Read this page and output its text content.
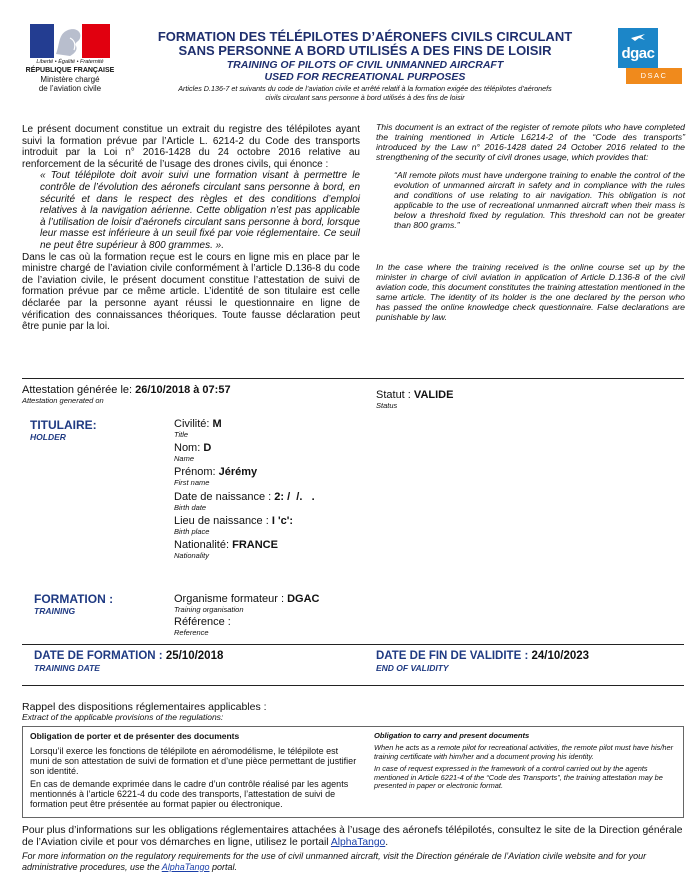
Liberté • Égalité • Fraternité
RÉPUBLIQUE FRANÇAISE
Ministère chargé
de l’aviation civile
FORMATION DES TÉLÉPILOTES D’AÉRONEFS CIVILS CIRCULANT
SANS PERSONNE A BORD UTILISÉS A DES FINS DE LOISIR
TRAINING OF PILOTS OF CIVIL UNMANNED AIRCRAFT
USED FOR RECREATIONAL PURPOSES
Articles D.136-7 et suivants du code de l’aviation civile et arrêté relatif à la formation exigée des télépilotes d’aéronefs
civils circulant sans personne à bord utilisés à des fins de loisir
dgac
DSAC

Le présent document constitue un extrait du registre des télépilotes ayant suivi la formation prévue par l’Article L. 6214-2 du Code des transports introduit par la Loi n° 2016-1428 du 24 octobre 2016 relative au renforcement de la sécurité de l’usage des drones civils, qui énonce :

« Tout télépilote doit avoir suivi une formation visant à permettre le contrôle de l’évolution des aéronefs circulant sans personne à bord, en sécurité et dans le respect des règles et des conditions d’emploi relatives à la navigation aérienne. Cette obligation n’est pas applicable à l’utilisation de loisir d’aéronefs circulant sans personne à bord, lorsque leur masse est inférieure à un seuil fixé par voie réglementaire. Ce seuil ne peut être supérieur à 800 grammes. ».

Dans le cas où la formation reçue est le cours en ligne mis en place par le ministre chargé de l’aviation civile conformément à l’article D.136-8 du code de l’aviation civile, le présent document constitue l’attestation de suivi de formation prévue par ce même article. L’identité de son titulaire est celle déclarée par la personne ayant réussi le questionnaire en ligne de vérification des connaissances théoriques. Toute fausse déclaration peut être punie par la loi.

This document is an extract of the register of remote pilots who have completed the training mentioned in Article L6214-2 of the “Code des transports” introduced by the Law n° 2016-1428 dated 24 October 2016 related to the strengthening of the security of civil drones usage, which provides that:

“All remote pilots must have undergone training to enable the control of the evolution of unmanned aircraft in safety and in compliance with the rules and conditions of use relating to air navigation. This obligation is not applicable to the use of recreational unmanned aircraft when their mass is below a threshold fixed by regulation. This threshold can not be greater than 800 grams.”

In the case where the training received is the online course set up by the minister in charge of civil aviation in application of Article D.136-8 of the civil aviation code, this document constitutes the training attestation mentioned in the same article. The identity of its holder is the one declared by the person who has passed the online knowledge check questionnaire. False declarations are punishable by law.

Attestation générée le: 26/10/2018 à 07:57
Attestation generated on	Statut : VALIDE
Status
TITULAIRE:
HOLDER
Civilité: M
Title
Nom: D
Name
Prénom: Jérémy
First name
Date de naissance : 2: /  /.   .
Birth date
Lieu de naissance : I 'c':
Birth place
Nationalité: FRANCE
Nationality
FORMATION :
TRAINING
Organisme formateur : DGAC
Training organisation
Référence :
Reference
DATE DE FORMATION : 25/10/2018
TRAINING DATE
DATE DE FIN DE VALIDITE : 24/10/2023
END OF VALIDITY
Rappel des dispositions réglementaires applicables :
Extract of the applicable provisions of the regulations:
Obligation de porter et de présenter des documents

Lorsqu’il exerce les fonctions de télépilote en aéromodélisme, le télépilote est muni de son attestation de suivi de formation et d’une pièce permettant de justifier son identité.

En cas de demande exprimée dans le cadre d’un contrôle réalisé par les agents mentionnés à l’article 6221-4 du code des transports, l’attestation de suivi de formation peut être présentée au format papier ou électronique.

Obligation to carry and present documents

When he acts as a remote pilot for recreational activities, the remote pilot must have his/her training certificate with him/her and a document proving his identity.

In case of request expressed in the framework of a control carried out by the agents mentioned in Article 6221-4 of the “Code des Transports”, the training attestation may be presented in paper or electronic format.

Pour plus d’informations sur les obligations réglementaires attachées à l’usage des aéronefs télépilotés, consultez le site de la Direction générale de l’Aviation civile et pour vos démarches en ligne, utilisez le portail AlphaTango.
For more information on the regulatory requirements for the use of civil unmanned aircraft, visit the Direction générale de l’Aviation civile website and for your administrative procedures, use the AlphaTango portal.
